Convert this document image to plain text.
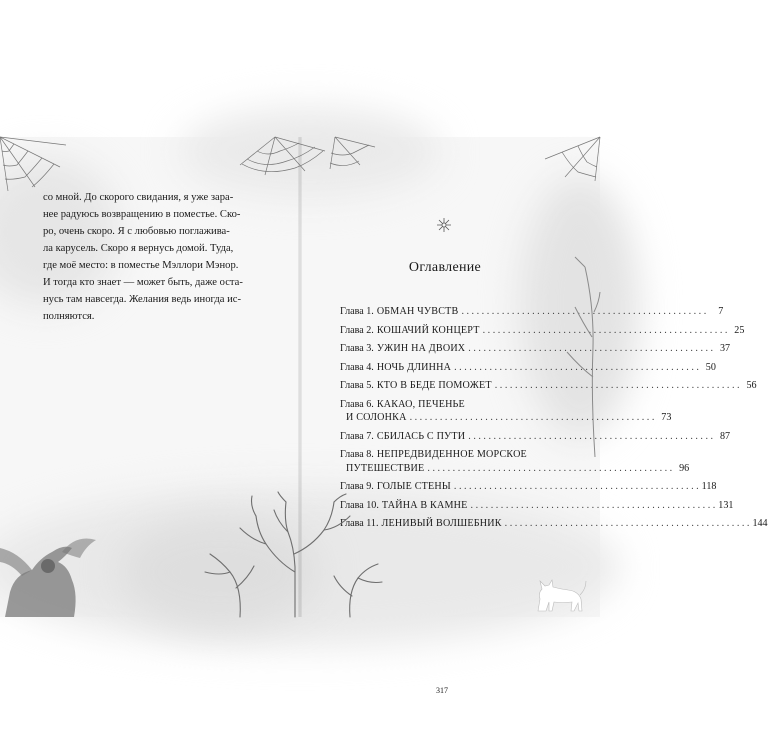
со мной. До скорого свидания, я уже зара-

нее радуюсь возвращению в поместье. Ско-

ро, очень скоро. Я с любовью поглажива-

ла карусель. Скоро я вернусь домой. Туда,

где моё место: в поместье Мэллори Мэнор.

И тогда кто знает — может быть, даже оста-

нусь там навсегда. Желания ведь иногда ис-

полняются.

Оглавление
Глава 1. ОБМАН ЧУВСТВ . . .	7
Глава 2. КОШАЧИЙ КОНЦЕРТ . . .	25
Глава 3. УЖИН НА ДВОИХ . . .	37
Глава 4. НОЧЬ ДЛИННА . . .	50
Глава 5. КТО В БЕДЕ ПОМОЖЕТ . . .	56
Глава 6. КАКАО, ПЕЧЕНЬЕ
И СОЛОНКА . . .	73
Глава 7. СБИЛАСЬ С ПУТИ . . .	87
Глава 8. НЕПРЕДВИДЕННОЕ МОРСКОЕ
ПУТЕШЕСТВИЕ . . .	96
Глава 9. ГОЛЫЕ СТЕНЫ . . .	118
Глава 10. ТАЙНА В КАМНЕ . . .	131
Глава 11. ЛЕНИВЫЙ ВОЛШЕБНИК . . .	144
317
